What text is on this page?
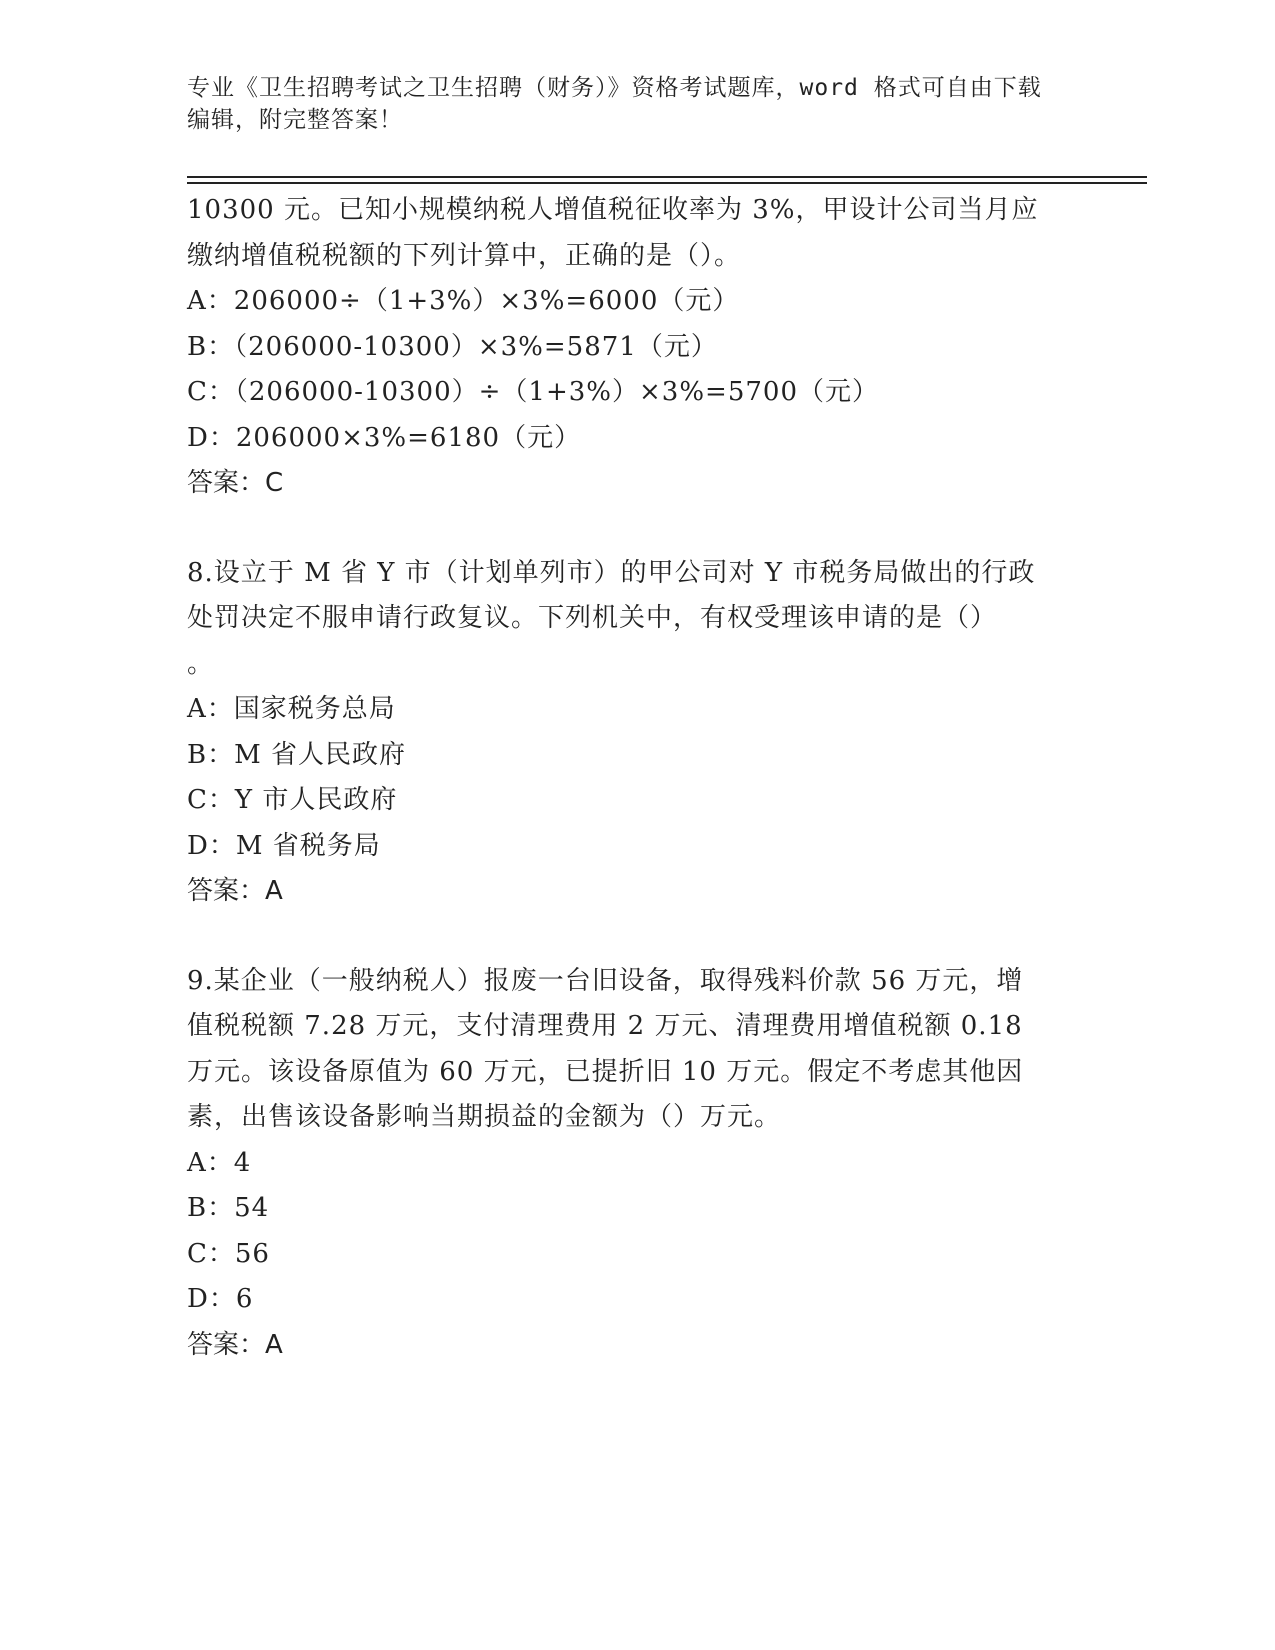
专业《卫生招聘考试之卫生招聘（财务）》资格考试题库，word 格式可自由下载
编辑，附完整答案！
10300 元。已知小规模纳税人增值税征收率为 3%，甲设计公司当月应
缴纳增值税税额的下列计算中，正确的是（）。
A：206000÷（1+3%）×3%=6000（元）
B：（206000-10300）×3%=5871（元）
C：（206000-10300）÷（1+3%）×3%=5700（元）
D：206000×3%=6180（元）
答案：C
8.设立于 M 省 Y 市（计划单列市）的甲公司对 Y 市税务局做出的行政
处罚决定不服申请行政复议。下列机关中，有权受理该申请的是（）
。
A：国家税务总局
B：M 省人民政府
C：Y 市人民政府
D：M 省税务局
答案：A
9.某企业（一般纳税人）报废一台旧设备，取得残料价款 56 万元，增
值税税额 7.28 万元，支付清理费用 2 万元、清理费用增值税额 0.18
万元。该设备原值为 60 万元，已提折旧 10 万元。假定不考虑其他因
素，出售该设备影响当期损益的金额为（）万元。
A：4
B：54
C：56
D：6
答案：A
